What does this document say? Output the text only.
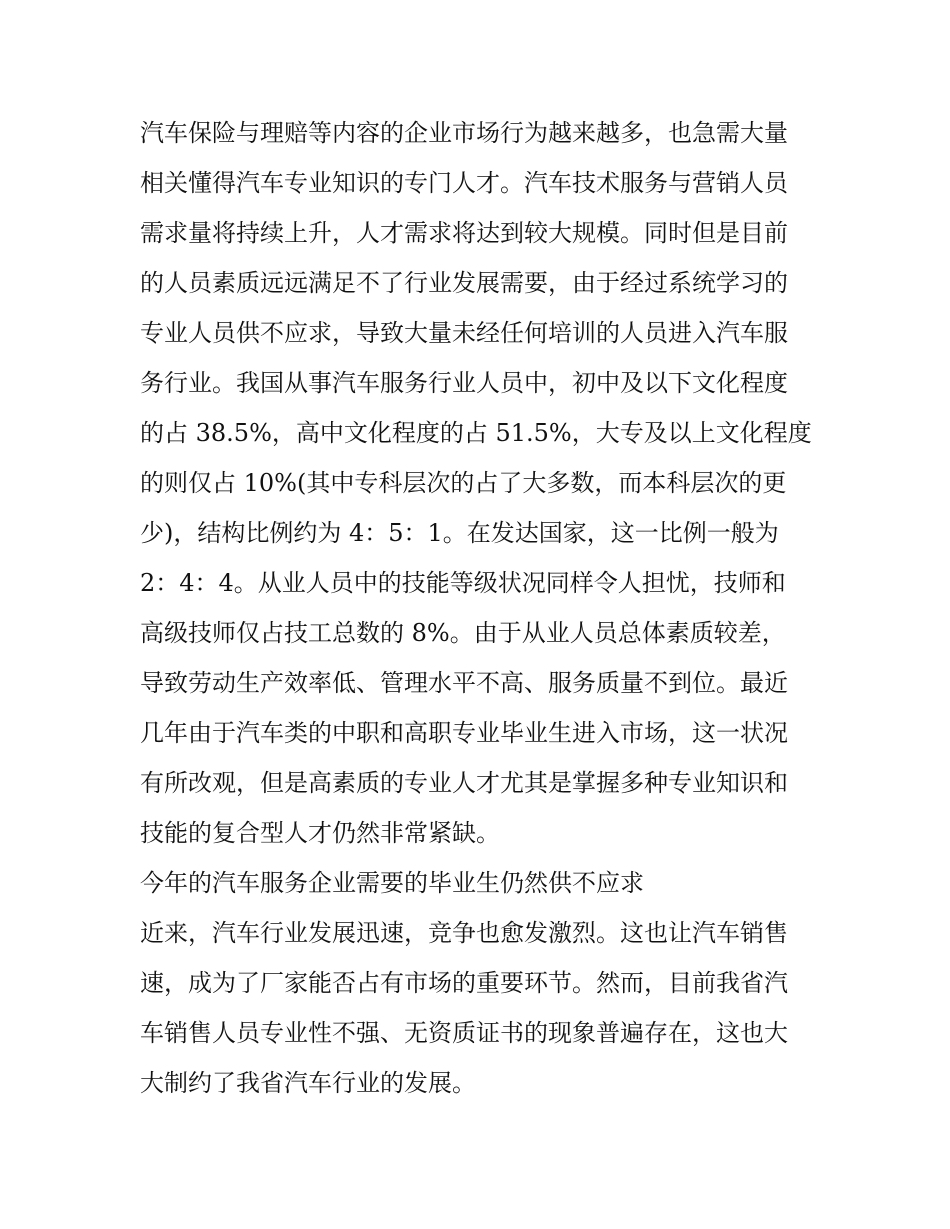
汽车保险与理赔等内容的企业市场行为越来越多，也急需大量
相关懂得汽车专业知识的专门人才。汽车技术服务与营销人员
需求量将持续上升，人才需求将达到较大规模。同时但是目前
的人员素质远远满足不了行业发展需要，由于经过系统学习的
专业人员供不应求，导致大量未经任何培训的人员进入汽车服
务行业。我国从事汽车服务行业人员中，初中及以下文化程度
的占 38.5%，高中文化程度的占 51.5%，大专及以上文化程度
的则仅占 10%(其中专科层次的占了大多数，而本科层次的更
少)，结构比例约为 4：5：1。在发达国家，这一比例一般为
2：4：4。从业人员中的技能等级状况同样令人担忧，技师和
高级技师仅占技工总数的 8%。由于从业人员总体素质较差，
导致劳动生产效率低、管理水平不高、服务质量不到位。最近
几年由于汽车类的中职和高职专业毕业生进入市场，这一状况
有所改观，但是高素质的专业人才尤其是掌握多种专业知识和
技能的复合型人才仍然非常紧缺。
今年的汽车服务企业需要的毕业生仍然供不应求
近来，汽车行业发展迅速，竞争也愈发激烈。这也让汽车销售
速，成为了厂家能否占有市场的重要环节。然而，目前我省汽
车销售人员专业性不强、无资质证书的现象普遍存在，这也大
大制约了我省汽车行业的发展。
